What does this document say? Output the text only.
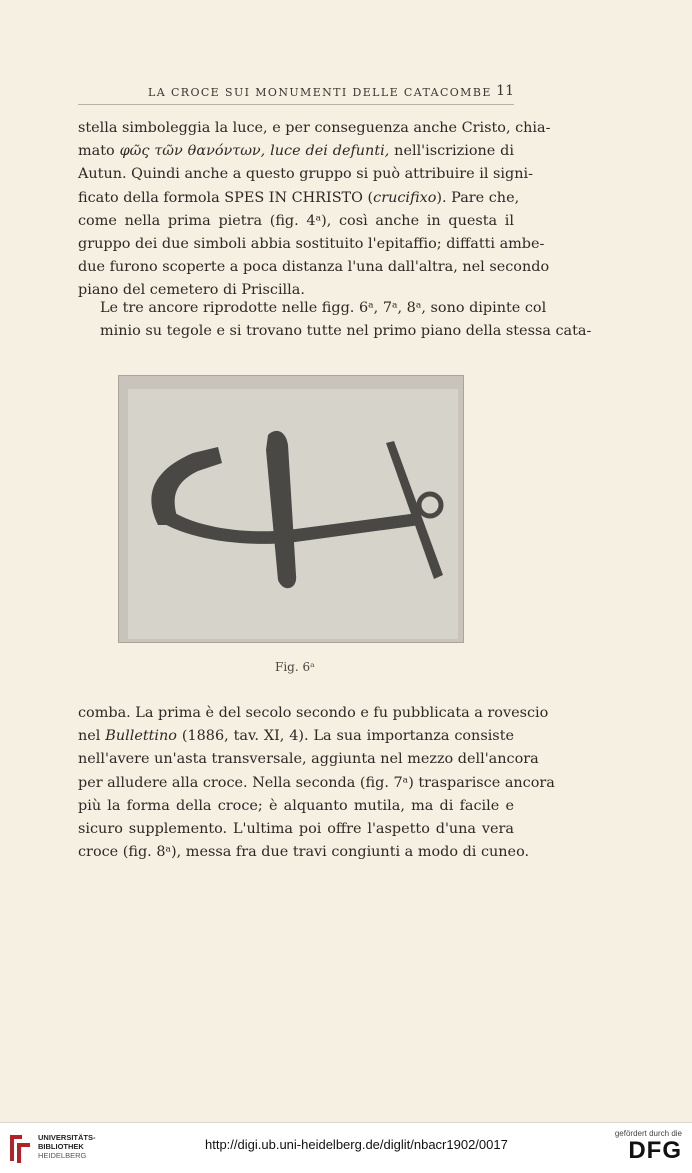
LA CROCE SUI MONUMENTI DELLE CATACOMBE 11
stella simboleggia la luce, e per conseguenza anche Cristo, chia-
mato φῶς τῶν θανόντων, luce dei defunti, nell'iscrizione di
Autun. Quindi anche a questo gruppo si può attribuire il signi-
ficato della formola SPES IN CHRISTO (crucifixo). Pare che,
come nella prima pietra (fig. 4ᵃ), così anche in questa il
gruppo dei due simboli abbia sostituito l'epitaffio; diffatti ambe-
due furono scoperte a poca distanza l'una dall'altra, nel secondo
piano del cemetero di Priscilla.
Le tre ancore riprodotte nelle figg. 6ᵃ, 7ᵃ, 8ᵃ, sono dipinte col
minio su tegole e si trovano tutte nel primo piano della stessa cata-
Fig. 6ᵃ
comba. La prima è del secolo secondo e fu pubblicata a rovescio
nel Bullettino (1886, tav. XI, 4). La sua importanza consiste
nell'avere un'asta transversale, aggiunta nel mezzo dell'ancora
per alludere alla croce. Nella seconda (fig. 7ᵃ) trasparisce ancora
più la forma della croce; è alquanto mutila, ma di facile e
sicuro supplemento. L'ultima poi offre l'aspetto d'una vera
croce (fig. 8ᵃ), messa fra due travi congiunti a modo di cuneo.
UNIVERSITÄTS-
BIBLIOTHEK
HEIDELBERG
http://digi.ub.uni-heidelberg.de/diglit/nbacr1902/0017
gefördert durch die
DFG
